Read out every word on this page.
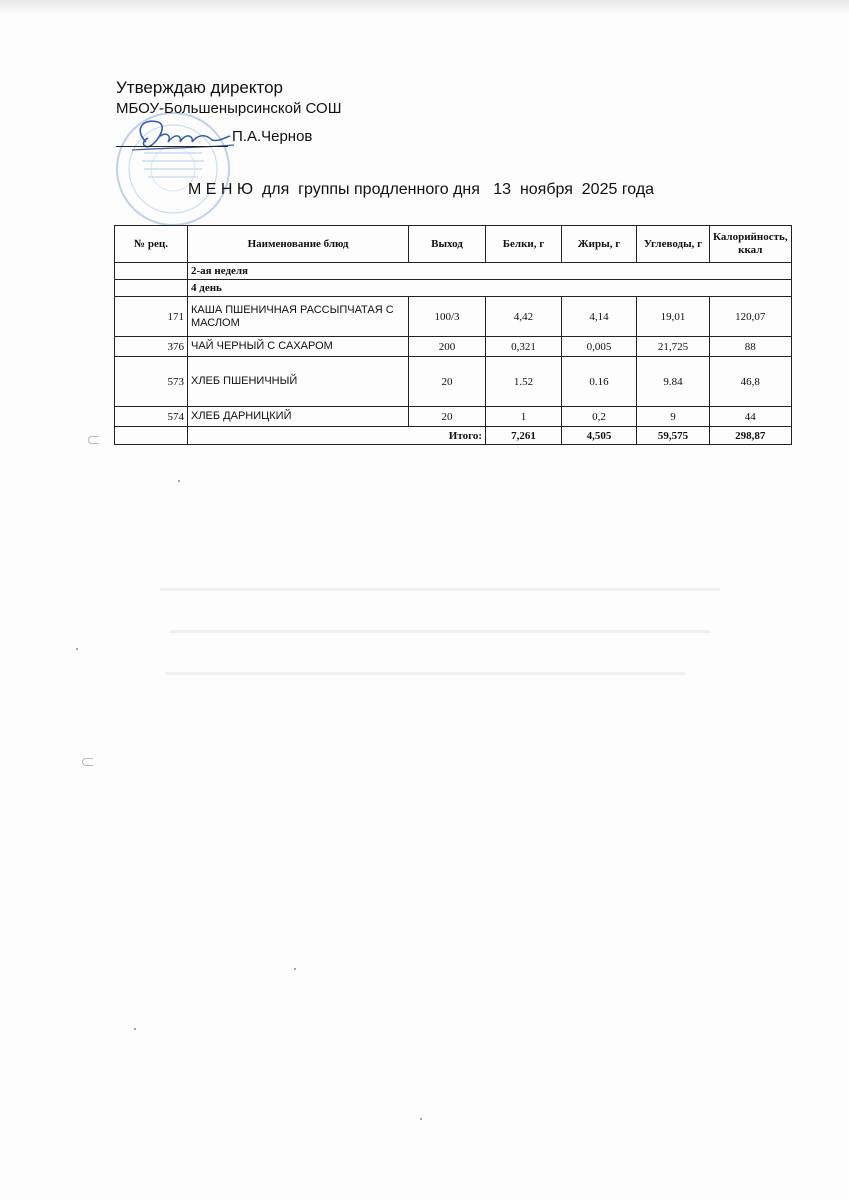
Утверждаю директор
МБОУ-Большенырсинской СОШ
П.А.Чернов
М Е Н Ю  для  группы продленного дня   13  ноября  2025 года
№ рец.	Наименование блюд	Выход	Белки, г	Жиры, г	Углеводы, г	Калорийность, ккал
	2-ая неделя					
	4 день					
171	КАША ПШЕНИЧНАЯ РАССЫПЧАТАЯ С МАСЛОМ	100/3	4,42	4,14	19,01	120,07
376	ЧАЙ ЧЕРНЫЙ С САХАРОМ	200	0,321	0,005	21,725	88
573	ХЛЕБ ПШЕНИЧНЫЙ	20	1.52	0.16	9.84	46,8
574	ХЛЕБ ДАРНИЦКИЙ	20	1	0,2	9	44
	Итого:		7,261	4,505	59,575	298,87
